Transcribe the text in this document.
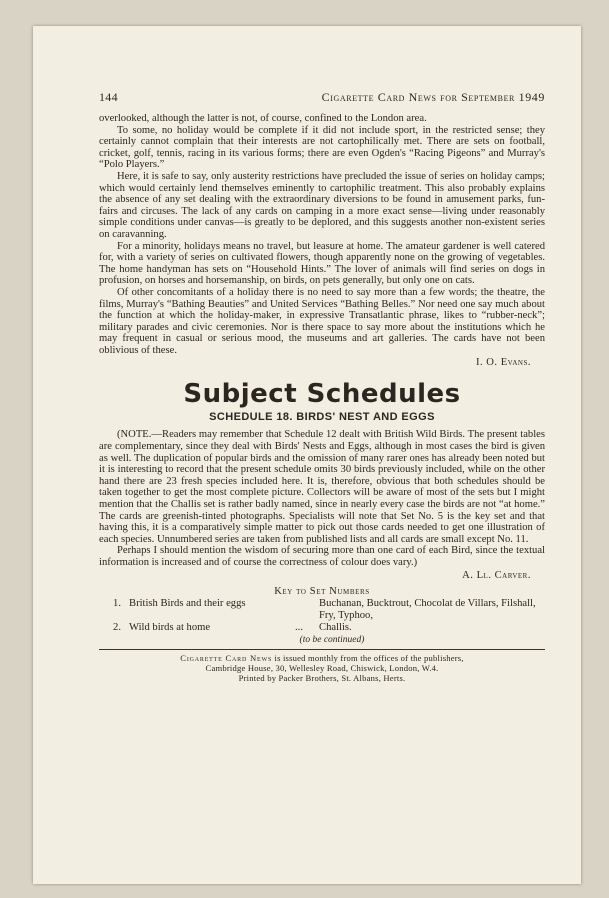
144	Cigarette Card News for September 1949

overlooked, although the latter is not, of course, confined to the London area.

To some, no holiday would be complete if it did not include sport, in the restricted sense; they certainly cannot complain that their interests are not cartophilically met. There are sets on football, cricket, golf, tennis, racing in its various forms; there are even Ogden's “Racing Pigeons” and Murray's “Polo Players.”

Here, it is safe to say, only austerity restrictions have precluded the issue of series on holiday camps; which would certainly lend themselves eminently to cartophilic treatment. This also probably explains the absence of any set dealing with the extraordinary diversions to be found in amusement parks, fun-fairs and circuses. The lack of any cards on camping in a more exact sense—living under reasonably simple conditions under canvas—is greatly to be deplored, and this suggests another non-existent series on caravanning.

For a minority, holidays means no travel, but leasure at home. The amateur gardener is well catered for, with a variety of series on cultivated flowers, though apparently none on the growing of vegetables. The home handyman has sets on “Household Hints.” The lover of animals will find series on dogs in profusion, on horses and horsemanship, on birds, on pets generally, but only one on cats.

Of other concomitants of a holiday there is no need to say more than a few words; the theatre, the films, Murray's “Bathing Beauties” and United Services “Bathing Belles.” Nor need one say much about the function at which the holiday-maker, in expressive Transatlantic phrase, likes to “rubber-neck”; military parades and civic ceremonies. Nor is there space to say more about the institutions which he may frequent in casual or serious mood, the museums and art galleries. The cards have not been oblivious of these.

I. O. Evans.
Subject Schedules
SCHEDULE 18. BIRDS' NEST AND EGGS

(NOTE.—Readers may remember that Schedule 12 dealt with British Wild Birds. The present tables are complementary, since they deal with Birds' Nests and Eggs, although in most cases the bird is given as well. The duplication of popular birds and the omission of many rarer ones has already been noted but it is interesting to record that the present schedule omits 30 birds previously included, while on the other hand there are 23 fresh species included here. It is, therefore, obvious that both schedules should be taken together to get the most complete picture. Collectors will be aware of most of the sets but I might mention that the Challis set is rather badly named, since in nearly every case the birds are not “at home.” The cards are greenish-tinted photographs. Specialists will note that Set No. 5 is the key set and that having this, it is a comparatively simple matter to pick out those cards needed to get one illustration of each species. Unnumbered series are taken from published lists and all cards are small except No. 11.

Perhaps I should mention the wisdom of securing more than one card of each Bird, since the textual information is increased and of course the correctness of colour does vary.)

A. Ll. Carver.
Key to Set Numbers
1. British Birds and their eggs	Buchanan, Bucktrout, Chocolat de Villars, Filshall, Fry, Typhoo,
2. Wild birds at home	...	Challis.
(to be continued)
Cigarette Card News is issued monthly from the offices of the publishers,
Cambridge House, 30, Wellesley Road, Chiswick, London, W.4.
Printed by Packer Brothers, St. Albans, Herts.
